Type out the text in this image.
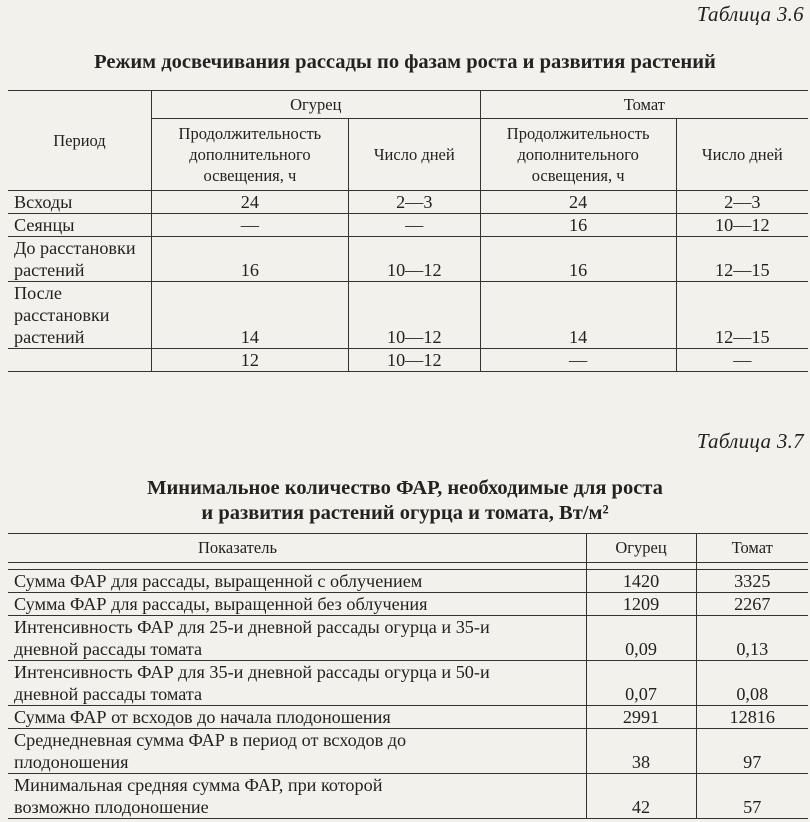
Таблица 3.6
Режим досвечивания рассады по фазам роста и развития растений
Период	Огурец		Томат	
	Продолжительность дополнительного освещения, ч	Число дней	Продолжительность дополнительного освещения, ч	Число дней
Всходы	24	2—3	24	2—3
Сеянцы	—	—	16	10—12
До расстановки растений	16	10—12	16	12—15
После расстановки растений	14	10—12	14	12—15
	12	10—12	—	—
Таблица 3.7
Минимальное количество ФАР, необходимые для роста
и развития растений огурца и томата, Вт/м²
Показатель	Огурец	Томат

Сумма ФАР для рассады, выращенной с облучением	1420	3325
Сумма ФАР для рассады, выращенной без облучения	1209	2267
Интенсивность ФАР для 25-и дневной рассады огурца и 35-и дневной рассады томата	0,09	0,13
Интенсивность ФАР для 35-и дневной рассады огурца и 50-и дневной рассады томата	0,07	0,08
Сумма ФАР от всходов до начала плодоношения	2991	12816
Среднедневная сумма ФАР в период от всходов до плодоношения	38	97
Минимальная средняя сумма ФАР, при которой возможно плодоношение	42	57
